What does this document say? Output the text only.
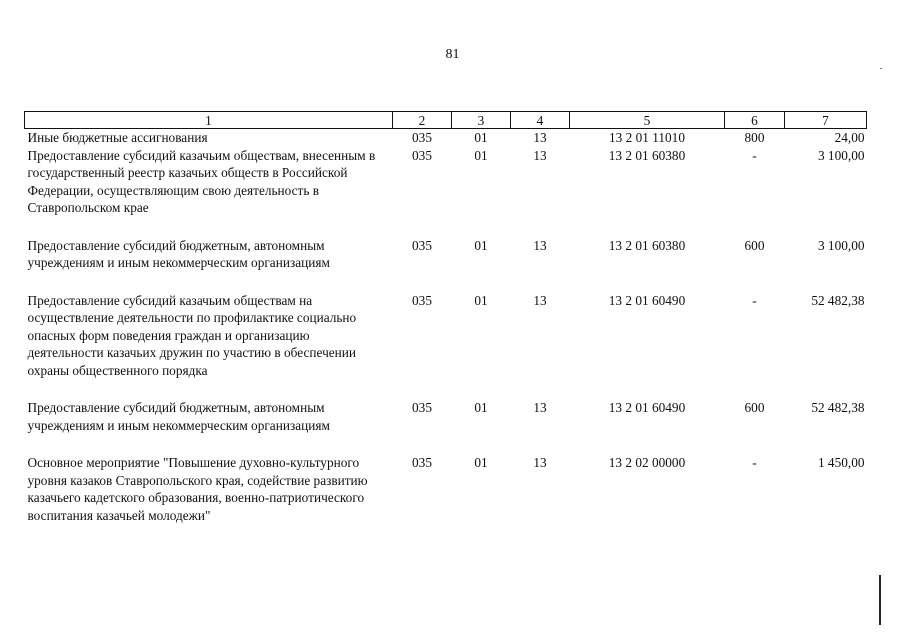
81
1	2	3	4	5	6	7
Иные бюджетные ассигнования	035	01	13	13 2 01 11010	800	24,00
Предоставление субсидий казачьим обществам, внесенным в государственный реестр казачьих обществ в Российской Федерации, осуществляющим свою деятельность в Ставропольском крае	035	01	13	13 2 01 60380	-	3 100,00

Предоставление субсидий бюджетным, автономным учреждениям и иным некоммерческим организациям	035	01	13	13 2 01 60380	600	3 100,00

Предоставление субсидий казачьим обществам на осуществление деятельности по профилактике социально опасных форм поведения граждан и организацию деятельности казачьих дружин по участию в обеспечении охраны общественного порядка	035	01	13	13 2 01 60490	-	52 482,38

Предоставление субсидий бюджетным, автономным учреждениям и иным некоммерческим организациям	035	01	13	13 2 01 60490	600	52 482,38

Основное мероприятие "Повышение духовно-культурного уровня казаков Ставропольского края, содействие развитию казачьего кадетского образования, военно-патриотического воспитания казачьей молодежи"	035	01	13	13 2 02 00000	-	1 450,00
